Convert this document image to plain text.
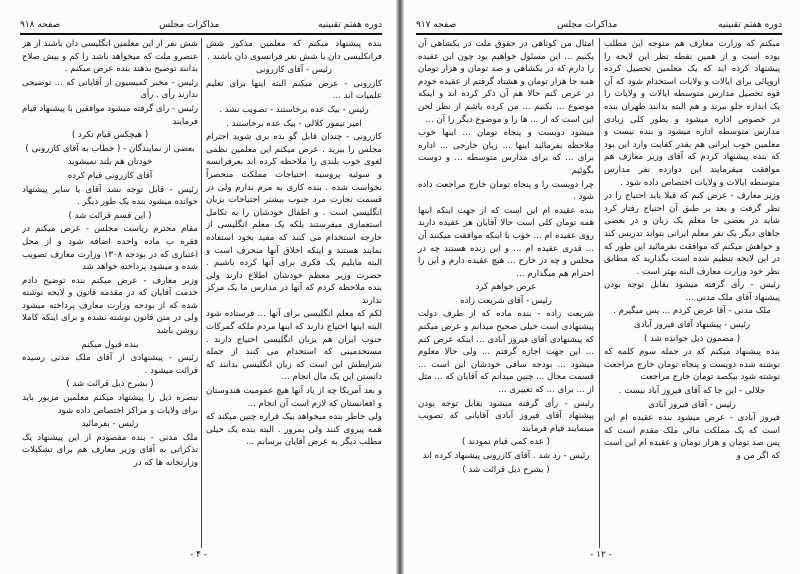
دوره هفتم تقنینیه
مذاکرات مجلس
صفحه ۹۱۸

بنده پیشنهاد میکنم که معلمین مذکور شش فرانکلیسی دان با شش نفر فرانسوی دان باشند .

رئیس - آقای کازرونی

کازرونی - عرض میکنم البته اینها برای تعلیم علمیات اند ...

رئیس - بیک عده برخاستند - تصویب نشد .

امیر تیمور کلالی - بیک عده برخاستند .

کازرونی - چندان قابل گو بده بری شوید احترام مجلس را ببرید . عرض میکنم این معلمین نظمی لغوی خوب بلندی را ملاحظه کرده اند بعرفرانسه و سوئیه پروسیه احتیاجات مملکت منحصراً نخواست شده . بنده کاری به مرم ندارم ولی در قسمت تجارت مرد جنوب بیشتر احتیاجات بزبان انگلیسی است . و اطفال خودشان را به تکامل استعماری میفرستند بلکه یک معلم انگلیسی از خارجه استخدام می کنند که مفید بخود استفاده نمایند هستند و اینکه اخلاق آنها منحرف است و البته مایلیم یک فکری برای آنها کرده باشیم . حضرت وزیر معظم خودشان اطلاع دارند ولی بنده ملاحظه کردم که آنها در مدارس ما یک مرکز ندارند

لکم که معلم انگلیسی برای آنها ... فرستاده شود البته اینها احتیاج دارند که اینها مردم ملکه گمرکات جنوب ایران هم بزبان انگلیسی احتیاج دارند . مستخدمینی که استخدام می کنند از جمله شرایطش این است که زبان انگلیسی بدانند که دانستن این یک مال انجام ...

و بعد آمریکا چه از یاد آنها هیچ عمومیت هندوستان و افغانستان که لازم است آن انجام ...

ولی خاطر بنده میخواهد بیک قراره چنین میکند که همه پیروی کنند ولی بمرور . البته بنده یک خیلی مطلب دیگر به عرض آقایان برسانم ...

شش نفر از این معلمین انگلیسی دان باشند از هر عنصرو ملت که میخواهد باشد را کم و بیش صلاح بدانند توضیح بدهند بنده عرض میکنم .

رئیس - مخبر کمیسیون از آقایانی که ... توضیحی ندارند رأی . رأی

رئیس - رای گرفته میشود موافقین با پیشنهاد قیام فرمایند

( هیچکس قیام نکرد )

بعضی از نمایندگان - ( خطاب به آقای کازرونی )

خودتان هم بلند نمیشوید

آقای کازرونی قیام کرده

رئیس - قابل توجه نشد آقای یا سایر پیشنهاد خوانده میشود بنده یک طور دیگر .

( این قسم قرائت شد )

مقام محترم ریاست مجلس - عرض میکنم در فقره ب ماده واحده اضافه شود و از محل اعتباری که در بودجه ۱۳۰۸ وزارت معارف تصویب شده و میشود پرداخته خواهد شد

وزیر معارف - عرض میکنم بنده توضیح دادم خدمت آقایان که در مقدمه قانون و لایحه نوشته شده که از بودجه وزارت معارف پرداخته میشود ولی در متن قانون نوشته نشده و برای اینکه کاملا روشن باشد

بنده قبول میکنم

رئیس - پیشنهادی از آقای ملک مدنی رسیده قرائت میشود .

( بشرح ذیل قرائت شد )

تبصره ذیل را پیشنهاد میکنم معلمین مزبور باید برای ولایات و مراکز اختصاص داده شود

رئیس - بفرمائید

ملک مدنی - بنده مقصودم از این پیشنهاد یک تذکراتی به آقای وزیر معارف هم برای تشکیلات وزارتخانه ها که در

- ۴ -
دوره هفتم تقنینیه
مذاکرات مجلس
صفحه ۹۱۷

میکنم که وزارت معارف هم متوجه این مطلب بوده است و از همین نقطه نظر این لایحه را پیشنهاد کرده اید که یک معلمین تحصیل کرده اروپائی برای ایالات و ولایات استخدام شود که آن قوه تحصیل مدارس متوسطه ایالات و ولایات را یک اندازه جلو ببرند و هم البته بدانند طهران بنده در خصوص اداره میشود و بطور کلی زیادی مدارس متوسطه اداره میشود و بنده نیست و معلمین خوب ایرانی هم بقدر کفایت وارد این بود که بنده پیشنهاد کردم که آقای وزیر معارف هم موافقت میفرمایند این دوازده نفر مدارس متوسطه ایالات و ولایات اختصاص داده شود .

وزیر معارف - عرض کنم که قبلا باید احتیاج را در نظر گرفت و بعد بر طبق آن احتیاج رفتار کرد شاید در بعضی جا معلم یک زبان و در بعضی جاهای دیگر یک نفر معلم ایرانی بتواند تدریس کند و خواهش میکنم که موافقت بفرمائید این طور که در این لایحه تنظیم شده است بگذارید که مطابق نظر خود وزارت معارف البته بهتر است .

رئیس - رأی گرفته میشود بقابل توجه بودن پیشنهاد آقای ملک مدنی ...

ملک مدنی - آقا عرض کردم ... پس میگیرم .

رئیس - پیشنهاد آقای فیروز آبادی

( مضمون ذیل خوانده شد )

بنده پیشنهاد میکنم که در جمله سوم کلمه که نوشته شده دویست و پنجاه تومان خارج مراجعت نوشته شود بیکصد تومان خارج مراجعت

جلالی - این جا که آقای فیروز آباد نیست .

رئیس - آقای فیروز آبادی

فیروز آبادی - عرض میشود بنده عقیده ام این است که یک مملکت مالی ملک مقدم است که پس صد تومان و هزار تومان و عقیده ام این است که اگر من و

امثال من کوتاهی در حقوق ملت در یکشاهی آن یکنیم ... این مسئول خواهیم بود چون این عقیده را دارم که در یکشاهی و صد تومان و هزار تومان همه جا هزار تومان و هشتاد گرفتم از عقیده خودم در عرض کنم حالا هم آن ذکر کرده اند و اینکه موضوع ... بکنیم ... من کرده باشم از نظر لحن این است که از ... ها را و موضوع دیگر را آن ...

میشود دویست و پنجاه تومان ... اینها خوب ملاحظه بفرمائید اینها ... زبان خارجی ... اداره برای ... که برای مدارس متوسطه ... و دوست بگوئیم

چرا دویست را و پنجاه تومان خارج مراجعت داده شود .

بنده عقیده ام این است که از جهت اینکه اینها همه تومان کلی است حالا آقایان هر عقیده دارند روی عقیده ام ... خوب با اینکه موافقت میکنند آن ... قدری عقیده ام ... و این زنده هستند چه در مجلس و چه در خارج ... هیچ عقیده دارم و این را احترام هم میگذارم ...

عرض خواهم کرد

رئیس - آقای شریعت زاده

شریعت زاده - بنده ماده که از طرف دولت پیشنهادی است خیلی صحیح میدانم و عرض میکنم که پیشنهادی آقای فیروز آبادی ... اینکه عرض کنم ... این جهت اجازه گرفتم ... ولی حالا معلوم میشود ... بودجه ساقی خودشان این است ... قسمت مجال ... چنین میدانم که آقایان که ... مثل از ... برای ... که تغییری ...

رئیس - رأی گرفته میشود بقابل توجه بودن پیشنهاد آقای فیروز آبادی آقایانی که تصویب مینمایند قیام فرمایند

( عده کمی قیام نمودند )

رئیس - رد شد . آقای کازرونی پیشنهاد کرده اند

( بشرح ذیل قرائت شد )

- ۱۲ -
